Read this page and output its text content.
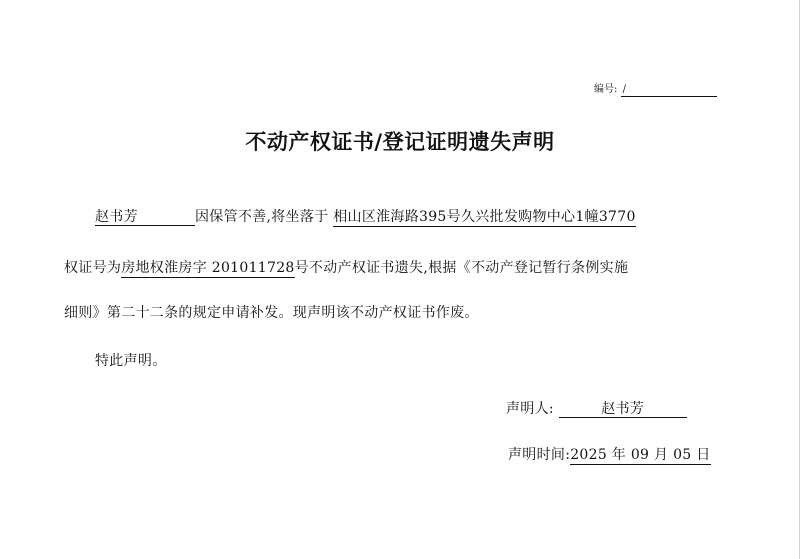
编号: /
不动产权证书/登记证明遗失声明
赵书芳	因保管不善,将坐落于 相山区淮海路395号久兴批发购物中心1幢3770
权证号为房地权淮房字 201011728号不动产权证书遗失,根据《不动产登记暂行条例实施
细则》第二十二条的规定申请补发。现声明该不动产权证书作废。
特此声明。
声明人:	赵书芳
声明时间:2025 年 09 月 05 日
